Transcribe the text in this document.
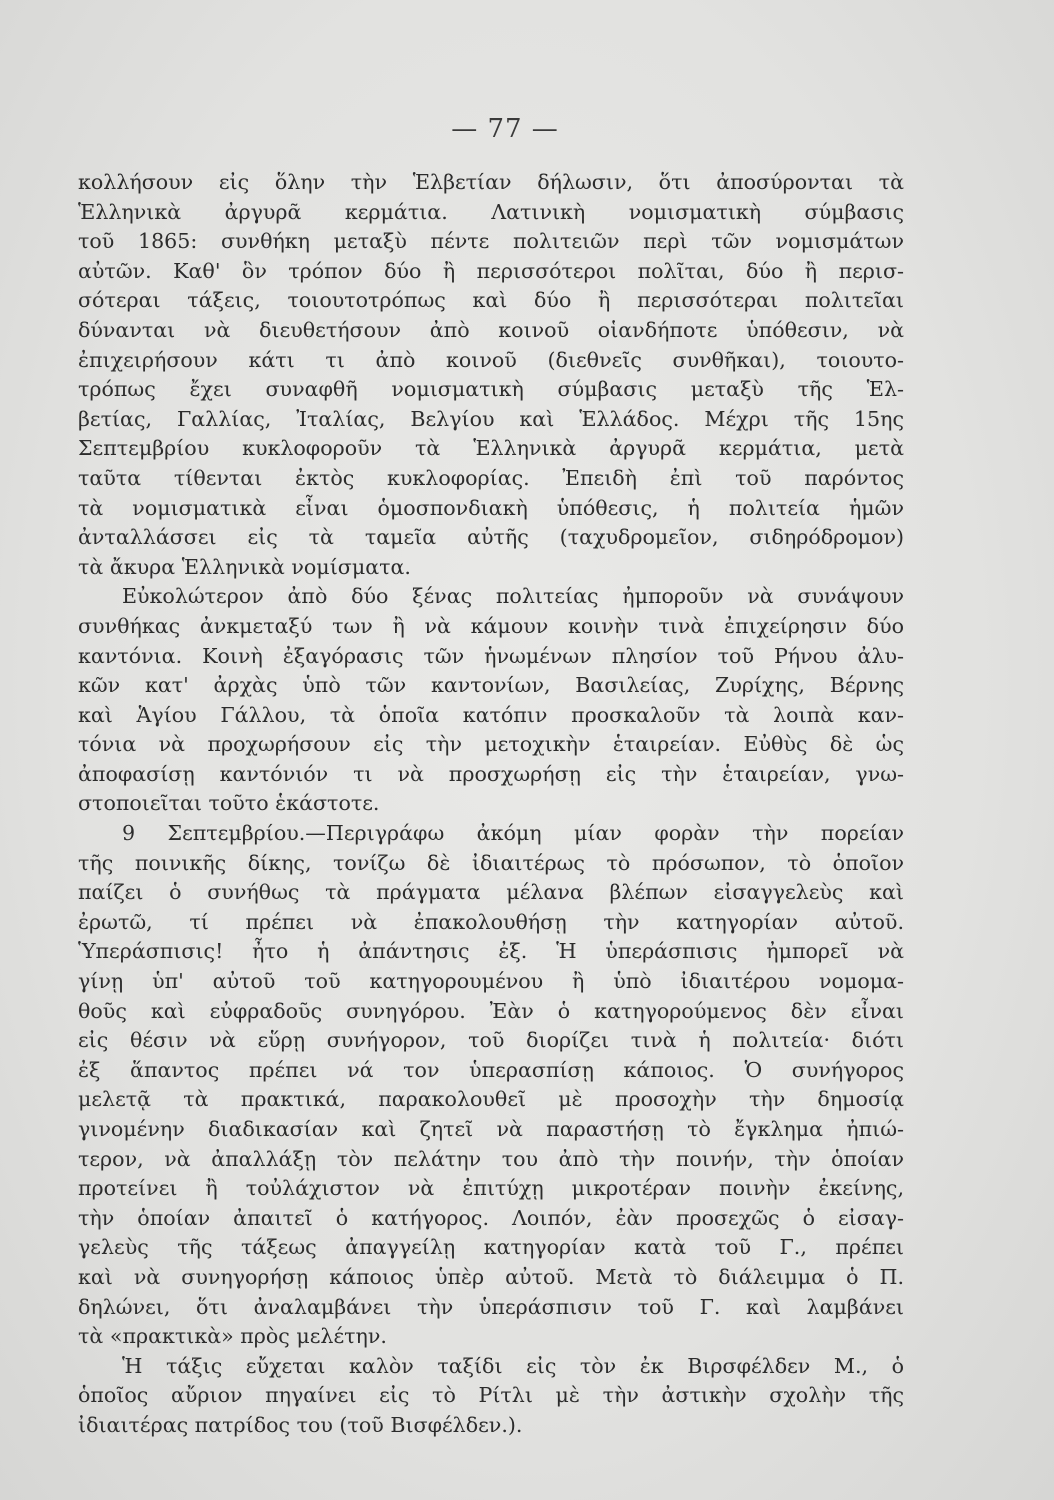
— 77 —
κολλήσουν εἰς ὅλην τὴν Ἑλβετίαν δήλωσιν, ὅτι ἀποσύρονται τὰ
Ἑλληνικὰ ἀργυρᾶ κερμάτια. Λατινικὴ νομισματικὴ σύμβασις
τοῦ 1865: συνθήκη μεταξὺ πέντε πολιτειῶν περὶ τῶν νομισμάτων
αὐτῶν. Καθ' ὃν τρόπον δύο ἢ περισσότεροι πολῖται, δύο ἢ περισ-
σότεραι τάξεις, τοιουτοτρόπως καὶ δύο ἢ περισσότεραι πολιτεῖαι
δύνανται νὰ διευθετήσουν ἀπὸ κοινοῦ οἱανδήποτε ὑπόθεσιν, νὰ
ἐπιχειρήσουν κάτι τι ἀπὸ κοινοῦ (διεθνεῖς συνθῆκαι), τοιουτο-
τρόπως ἔχει συναφθῆ νομισματικὴ σύμβασις μεταξὺ τῆς Ἑλ-
βετίας, Γαλλίας, Ἰταλίας, Βελγίου καὶ Ἑλλάδος. Μέχρι τῆς 15ης
Σεπτεμβρίου κυκλοφοροῦν τὰ Ἑλληνικὰ ἀργυρᾶ κερμάτια, μετὰ
ταῦτα τίθενται ἐκτὸς κυκλοφορίας. Ἐπειδὴ ἐπὶ τοῦ παρόντος
τὰ νομισματικὰ εἶναι ὁμοσπονδιακὴ ὑπόθεσις, ἡ πολιτεία ἡμῶν
ἀνταλλάσσει εἰς τὰ ταμεῖα αὐτῆς (ταχυδρομεῖον, σιδηρόδρομον)
τὰ ἄκυρα Ἑλληνικὰ νομίσματα.
Εὐκολώτερον ἀπὸ δύο ξένας πολιτείας ἠμποροῦν νὰ συνάψουν
συνθήκας ἀνκμεταξύ των ἢ νὰ κάμουν κοινὴν τινὰ ἐπιχείρησιν δύο
καντόνια. Κοινὴ ἐξαγόρασις τῶν ἡνωμένων πλησίον τοῦ Ρήνου ἀλυ-
κῶν κατ' ἀρχὰς ὑπὸ τῶν καντονίων, Βασιλείας, Ζυρίχης, Βέρνης
καὶ Ἁγίου Γάλλου, τὰ ὁποῖα κατόπιν προσκαλοῦν τὰ λοιπὰ καν-
τόνια νὰ προχωρήσουν εἰς τὴν μετοχικὴν ἑταιρείαν. Εὐθὺς δὲ ὡς
ἀποφασίσῃ καντόνιόν τι νὰ προσχωρήσῃ εἰς τὴν ἑταιρείαν, γνω-
στοποιεῖται τοῦτο ἑκάστοτε.
9 Σεπτεμβρίου.—Περιγράφω ἀκόμη μίαν φορὰν τὴν πορείαν
τῆς ποινικῆς δίκης, τονίζω δὲ ἰδιαιτέρως τὸ πρόσωπον, τὸ ὁποῖον
παίζει ὁ συνήθως τὰ πράγματα μέλανα βλέπων εἰσαγγελεὺς καὶ
ἐρωτῶ, τί πρέπει νὰ ἐπακολουθήσῃ τὴν κατηγορίαν αὐτοῦ.
Ὑπεράσπισις! ἦτο ἡ ἀπάντησις ἐξ. Ἡ ὑπεράσπισις ἠμπορεῖ νὰ
γίνῃ ὑπ' αὐτοῦ τοῦ κατηγορουμένου ἢ ὑπὸ ἰδιαιτέρου νομομα-
θοῦς καὶ εὐφραδοῦς συνηγόρου. Ἐὰν ὁ κατηγορούμενος δὲν εἶναι
εἰς θέσιν νὰ εὕρῃ συνήγορον, τοῦ διορίζει τινὰ ἡ πολιτεία· διότι
ἐξ ἅπαντος πρέπει νά τον ὑπερασπίσῃ κάποιος. Ὁ συνήγορος
μελετᾷ τὰ πρακτικά, παρακολουθεῖ μὲ προσοχὴν τὴν δημοσίᾳ
γινομένην διαδικασίαν καὶ ζητεῖ νὰ παραστήσῃ τὸ ἔγκλημα ἠπιώ-
τερον, νὰ ἀπαλλάξῃ τὸν πελάτην του ἀπὸ τὴν ποινήν, τὴν ὁποίαν
προτείνει ἢ τοὐλάχιστον νὰ ἐπιτύχῃ μικροτέραν ποινὴν ἐκείνης,
τὴν ὁποίαν ἀπαιτεῖ ὁ κατήγορος. Λοιπόν, ἐὰν προσεχῶς ὁ εἰσαγ-
γελεὺς τῆς τάξεως ἀπαγγείλῃ κατηγορίαν κατὰ τοῦ Γ., πρέπει
καὶ νὰ συνηγορήσῃ κάποιος ὑπὲρ αὐτοῦ. Μετὰ τὸ διάλειμμα ὁ Π.
δηλώνει, ὅτι ἀναλαμβάνει τὴν ὑπεράσπισιν τοῦ Γ. καὶ λαμβάνει
τὰ «πρακτικὰ» πρὸς μελέτην.
Ἡ τάξις εὔχεται καλὸν ταξίδι εἰς τὸν ἐκ Βιρσφέλδεν Μ., ὁ
ὁποῖος αὔριον πηγαίνει εἰς τὸ Ρίτλι μὲ τὴν ἀστικὴν σχολὴν τῆς
ἰδιαιτέρας πατρίδος του (τοῦ Βισφέλδεν.).
